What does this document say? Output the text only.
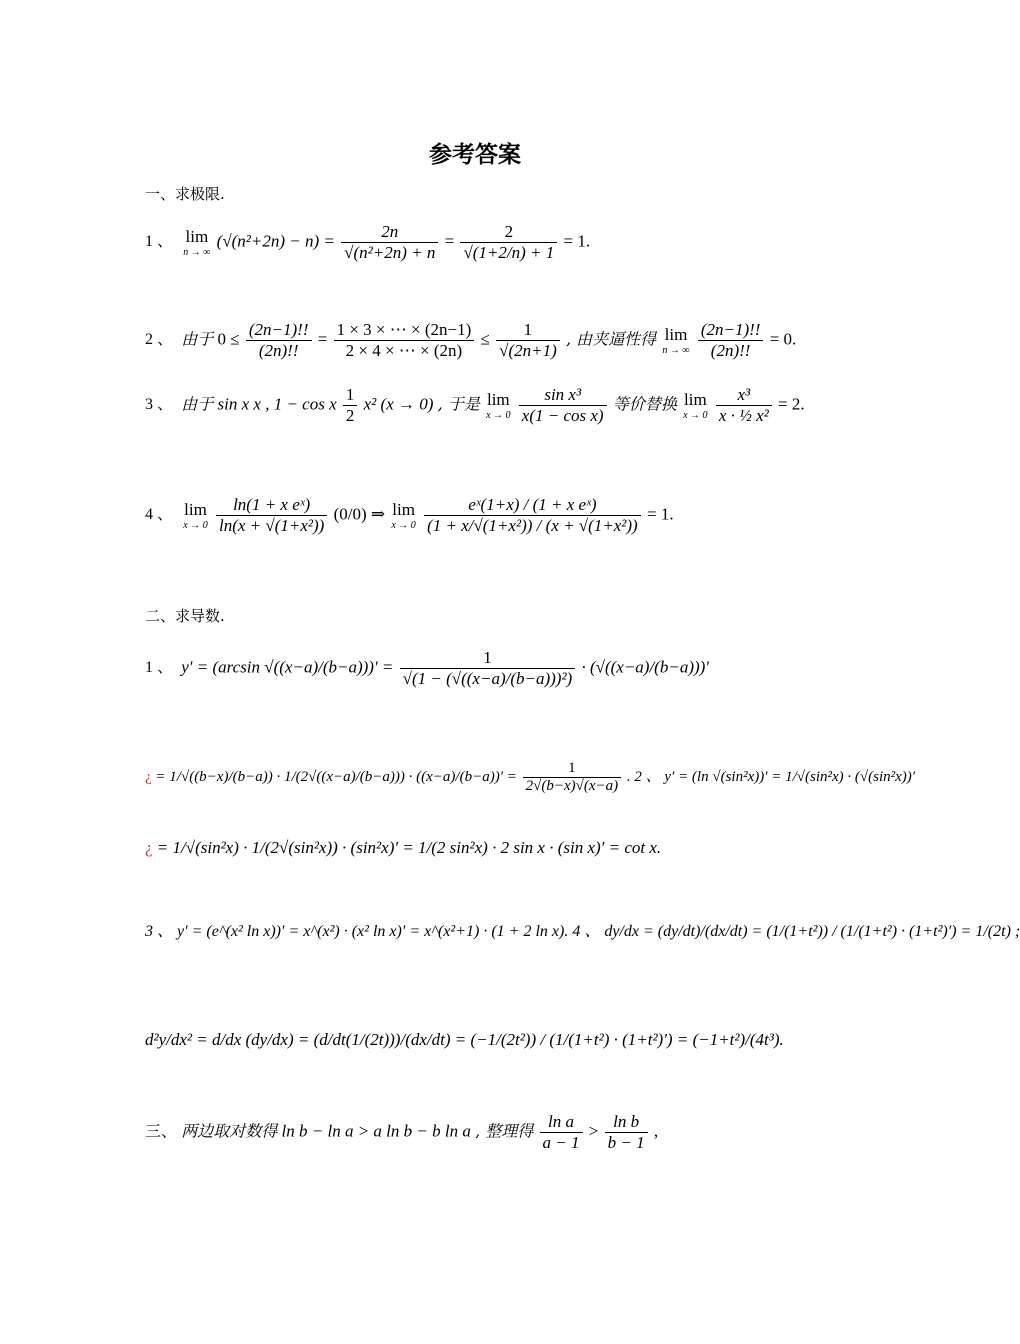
参考答案
一、求极限.
1 、 lim
n → ∞
$(√(n^2+2n) - n) = \frac{2n}{\text{√(n²+2n) + n}} = \frac{2}{√(1+2/n) + 1} = 1$.
2 、 由于 $0 \le \frac{(2n-1)!!}{(2n)!!} = \frac{1 \times 3 \times \cdots \times (2n-1)}{2 \times 4 \times \cdots \times (2n)} \le \frac{1}{√(2n+1)}$ , 由夹逼性得 lim
n → ∞
$\frac{(2n-1)!!}{(2n)!!} = 0$.
3 、 由于 sin x x , 1 − cos x $\frac{1}{2} x^2$ (x → 0) , 于是 lim
x → 0
$\frac{\text{sin x³}}{\text{x(1 − cos x)}}$ 等价替换 lim
x → 0
$\frac{\text{x³}}{\text{x · ½ x²}} = 2$.
4 、 lim
x → 0
$\frac{\text{ln(1 + x eˣ)}}{\text{ln(x + √(1+x²))}} (0/0)$ ⇒ lim
x → 0
$\frac{\text{eˣ(1+x) / (1 + x eˣ)}}{\text{(1 + x/√(1+x²)) / (x + √(1+x²))}} = 1$.
二、求导数.
1 、 y′ = (arcsin $√((x-a)/(b-a)))' = \frac{1}{\text{√(1 − (√((x−a)/(b−a)))²)}} \cdot (√((x-a)/(b-a)))'$
¿ = $1/√((b-x)/(b-a)) \cdot 1/(2√((x-a)/(b-a))) \cdot ((x-a)/(b-a))' = \frac{1}{2√(b-x)√(x-a)}$ . 2 、 y′ = (ln √(sin²x))′ = 1/√(sin²x) · (√(sin²x))′
¿ = 1/√(sin²x) · 1/(2√(sin²x)) · (sin²x)′ = 1/(2 sin²x) · 2 sin x · (sin x)′ = cot x.
3 、 y′ = (e^(x² ln x))′ = x^(x²) · (x² ln x)′ = x^(x²+1) · (1 + 2 ln x). 4 、 dy/dx = (dy/dt)/(dx/dt) = (1/(1+t²)) / (1/(1+t²) · (1+t²)′) = 1/(2t) ;
d²y/dx² = d/dx (dy/dx) = (d/dt(1/(2t)))/(dx/dt) = (−1/(2t²)) / (1/(1+t²) · (1+t²)′) = (−1+t²)/(4t³).
三、 两边取对数得 ln b − ln a > a ln b − b ln a , 整理得 $\frac{\text{ln a}}{a - 1} > \frac{\text{ln b}}{b - 1}$ ,
